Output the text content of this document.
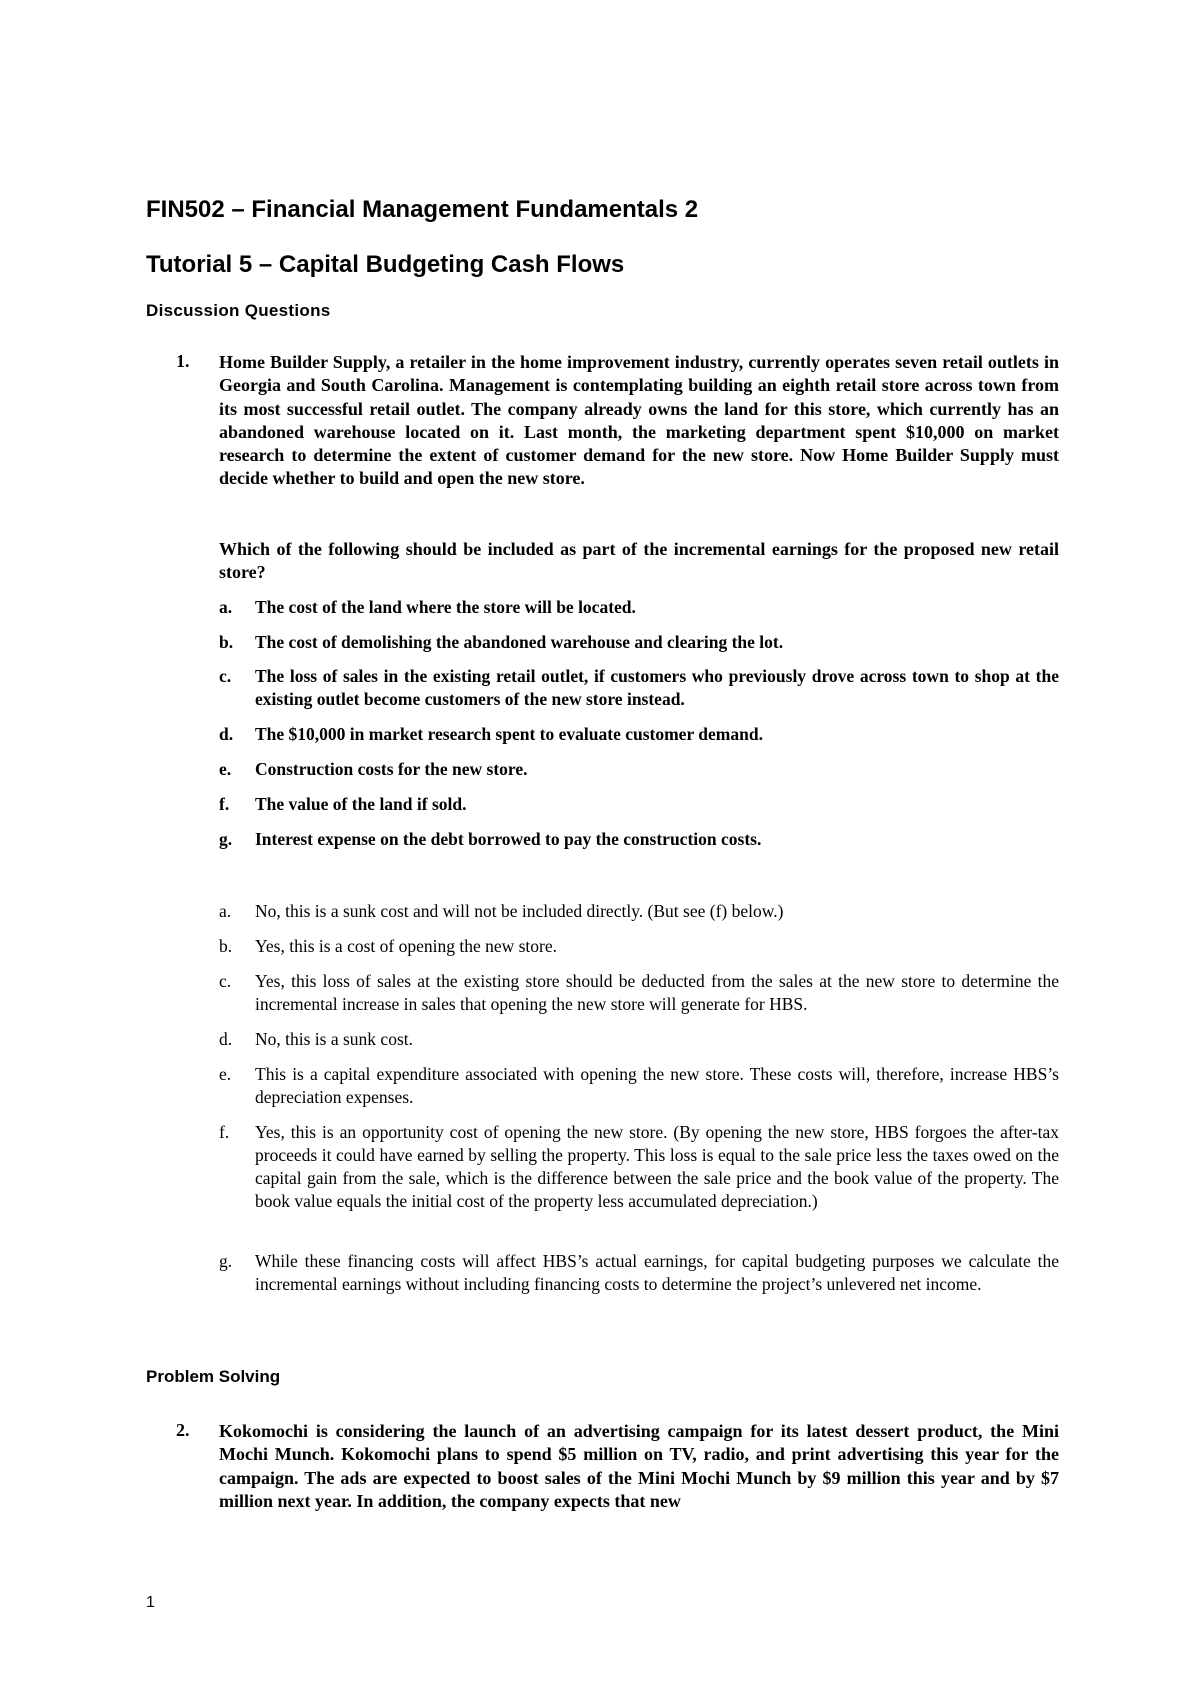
FIN502 – Financial Management Fundamentals 2
Tutorial 5 – Capital Budgeting Cash Flows
Discussion Questions
1. Home Builder Supply, a retailer in the home improvement industry, currently operates seven retail outlets in Georgia and South Carolina. Management is contemplating building an eighth retail store across town from its most successful retail outlet. The company already owns the land for this store, which currently has an abandoned warehouse located on it. Last month, the marketing department spent $10,000 on market research to determine the extent of customer demand for the new store. Now Home Builder Supply must decide whether to build and open the new store.
Which of the following should be included as part of the incremental earnings for the proposed new retail store?
a. The cost of the land where the store will be located.
b. The cost of demolishing the abandoned warehouse and clearing the lot.
c. The loss of sales in the existing retail outlet, if customers who previously drove across town to shop at the existing outlet become customers of the new store instead.
d. The $10,000 in market research spent to evaluate customer demand.
e. Construction costs for the new store.
f. The value of the land if sold.
g. Interest expense on the debt borrowed to pay the construction costs.
a. No, this is a sunk cost and will not be included directly. (But see (f) below.)
b. Yes, this is a cost of opening the new store.
c. Yes, this loss of sales at the existing store should be deducted from the sales at the new store to determine the incremental increase in sales that opening the new store will generate for HBS.
d. No, this is a sunk cost.
e. This is a capital expenditure associated with opening the new store. These costs will, therefore, increase HBS’s depreciation expenses.
f. Yes, this is an opportunity cost of opening the new store. (By opening the new store, HBS forgoes the after-tax proceeds it could have earned by selling the property. This loss is equal to the sale price less the taxes owed on the capital gain from the sale, which is the difference between the sale price and the book value of the property. The book value equals the initial cost of the property less accumulated depreciation.)
g. While these financing costs will affect HBS’s actual earnings, for capital budgeting purposes we calculate the incremental earnings without including financing costs to determine the project’s unlevered net income.
Problem Solving
2. Kokomochi is considering the launch of an advertising campaign for its latest dessert product, the Mini Mochi Munch. Kokomochi plans to spend $5 million on TV, radio, and print advertising this year for the campaign. The ads are expected to boost sales of the Mini Mochi Munch by $9 million this year and by $7 million next year. In addition, the company expects that new
1
